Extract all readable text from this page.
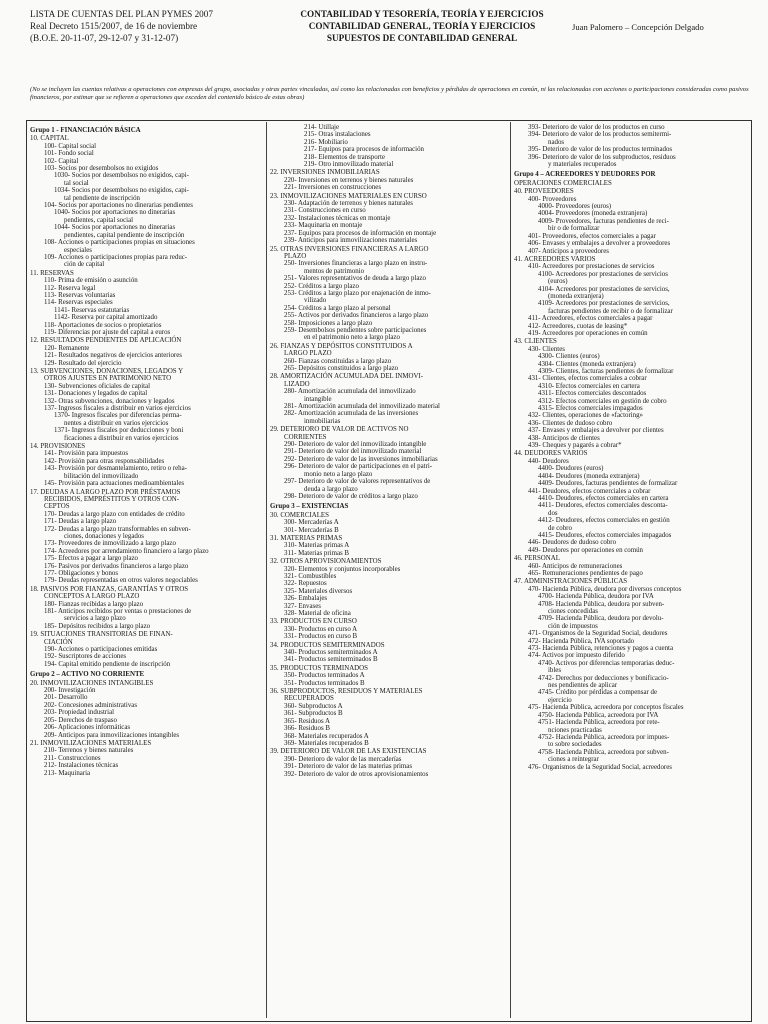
LISTA DE CUENTAS DEL PLAN PYMES 2007
Real Decreto 1515/2007, de 16 de noviembre
(B.O.E. 20-11-07, 29-12-07 y 31-12-07)
CONTABILIDAD Y TESORERÍA, TEORÍA Y EJERCICIOS
CONTABILIDAD GENERAL, TEORÍA Y EJERCICIOS
SUPUESTOS DE CONTABILIDAD GENERAL
Juan Palomero – Concepción Delgado
(No se incluyen las cuentas relativas a operaciones con empresas del grupo, asociadas y otras partes vinculadas, así como las relacionadas con beneficios y pérdidas de operaciones en común, ni las relacionadas con acciones o participaciones consideradas como pasivos financieros, por estimar que se refieren a operaciones que exceden del contenido básico de estas obras)
Grupo 1 - FINANCIACIÓN BÁSICA
10. CAPITAL
100- Capital social
101- Fondo social
102- Capital
103- Socios por desembolsos no exigidos
1030- Socios por desembolsos no exigidos, capi-
tal social
1034- Socios por desembolsos no exigidos, capi-
tal pendiente de inscripción
104- Socios por aportaciones no dinerarias pendientes
1040- Socios por aportaciones no dinerarias
pendientes, capital social
1044- Socios por aportaciones no dinerarias
pendientes, capital pendiente de inscripción
108- Acciones o participaciones propias en situaciones
especiales
109- Acciones o participaciones propias para reduc-
ción de capital
11. RESERVAS
110- Prima de emisión o asunción
112- Reserva legal
113- Reservas voluntarias
114- Reservas especiales
1141- Reservas estatutarias
1142- Reserva por capital amortizado
118- Aportaciones de socios o propietarios
119- Diferencias por ajuste del capital a euros
12. RESULTADOS PENDIENTES DE APLICACIÓN
120- Remanente
121- Resultados negativos de ejercicios anteriores
129- Resultado del ejercicio
13. SUBVENCIONES, DONACIONES, LEGADOS Y
OTROS AJUSTES EN PATRIMONIO NETO
130- Subvenciones oficiales de capital
131- Donaciones y legados de capital
132- Otras subvenciones, donaciones y legados
137- Ingresos fiscales a distribuir en varios ejercicios
1370- Ingresos fiscales por diferencias perma-
nentes a distribuir en varios ejercicios
1371- Ingresos fiscales por deducciones y boni
ficaciones a distribuir en varios ejercicios
14. PROVISIONES
141- Provisión para impuestos
142- Provisión para otras responsabilidades
143- Provisión por desmantelamiento, retiro o reha-
bilitación del inmovilizado
145- Provisión para actuaciones medioambientales
17. DEUDAS A LARGO PLAZO POR PRÉSTAMOS
RECIBIDOS, EMPRÉSTITOS Y OTROS CON-
CEPTOS
170- Deudas a largo plazo con entidades de crédito
171- Deudas a largo plazo
172- Deudas a largo plazo transformables en subven-
ciones, donaciones y legados
173- Proveedores de inmovilizado a largo plazo
174- Acreedores por arrendamiento financiero a largo plazo
175- Efectos a pagar a largo plazo
176- Pasivos por derivados financieros a largo plazo
177- Obligaciones y bonos
179- Deudas representadas en otros valores negociables
18. PASIVOS POR FIANZAS, GARANTÍAS Y OTROS
CONCEPTOS A LARGO PLAZO
180- Fianzas recibidas a largo plazo
181- Anticipos recibidos por ventas o prestaciones de
servicios a largo plazo
185- Depósitos recibidos a largo plazo
19. SITUACIONES TRANSITORIAS DE FINAN-
CIACIÓN
190- Acciones o participaciones emitidas
192- Suscriptores de acciones
194- Capital emitido pendiente de inscripción
Grupo 2 – ACTIVO NO CORRIENTE
20. INMOVILIZACIONES INTANGIBLES
200- Investigación
201- Desarrollo
202- Concesiones administrativas
203- Propiedad industrial
205- Derechos de traspaso
206- Aplicaciones informáticas
209- Anticipos para inmovilizaciones intangibles
21. INMOVILIZACIONES MATERIALES
210- Terrenos y bienes naturales
211- Construcciones
212- Instalaciones técnicas
213- Maquinaria
214- Utillaje
215- Otras instalaciones
216- Mobiliario
217- Equipos para procesos de información
218- Elementos de transporte
219- Otro inmovilizado material
22. INVERSIONES INMOBILIARIAS
220- Inversiones en terrenos y bienes naturales
221- Inversiones en construcciones
23. INMOVILIZACIONES MATERIALES EN CURSO
230- Adaptación de terrenos y bienes naturales
231- Construcciones en curso
232- Instalaciones técnicas en montaje
233- Maquinaria en montaje
237- Equipos para procesos de información en montaje
239- Anticipos para inmovilizaciones materiales
25. OTRAS INVERSIONES FINANCIERAS A LARGO
PLAZO
250- Inversiones financieras a largo plazo en instru-
mentos de patrimonio
251- Valores representativos de deuda a largo plazo
252- Créditos a largo plazo
253- Créditos a largo plazo por enajenación de inmo-
vilizado
254- Créditos a largo plazo al personal
255- Activos por derivados financieros a largo plazo
258- Imposiciones a largo plazo
259- Desembolsos pendientes sobre participaciones
en el patrimonio neto a largo plazo
26. FIANZAS Y DEPÓSITOS CONSTITUIDOS A
LARGO PLAZO
260- Fianzas constituidas a largo plazo
265- Depósitos constituidos a largo plazo
28. AMORTIZACIÓN ACUMULADA DEL INMOVI-
LIZADO
280- Amortización acumulada del inmovilizado
intangible
281- Amortización acumulada del inmovilizado material
282- Amortización acumulada de las inversiones
inmobiliarias
29. DETERIORO DE VALOR DE ACTIVOS NO
CORRIENTES
290- Deterioro de valor del inmovilizado intangible
291- Deterioro de valor del inmovilizado material
292- Deterioro de valor de las inversiones inmobiliarias
296- Deterioro de valor de participaciones en el patri-
monio neto a largo plazo
297- Deterioro de valor de valores representativos de
deuda a largo plazo
298- Deterioro de valor de créditos a largo plazo
Grupo 3 – EXISTENCIAS
30. COMERCIALES
300- Mercaderías A
301- Mercaderías B
31. MATERIAS PRIMAS
310- Materias primas A
311- Materias primas B
32. OTROS APROVISIONAMIENTOS
320- Elementos y conjuntos incorporables
321- Combustibles
322- Repuestos
325- Materiales diversos
326- Embalajes
327- Envases
328- Material de oficina
33. PRODUCTOS EN CURSO
330- Productos en curso A
331- Productos en curso B
34. PRODUCTOS SEMITERMINADOS
340- Productos semiterminados A
341- Productos semiterminados B
35. PRODUCTOS TERMINADOS
350- Productos terminados A
351- Productos terminados B
36. SUBPRODUCTOS, RESIDUOS Y MATERIALES
RECUPERADOS
360- Subproductos A
361- Subproductos B
365- Residuos A
366- Residuos B
368- Materiales recuperados A
369- Materiales recuperados B
39. DETERIORO DE VALOR DE LAS EXISTENCIAS
390- Deterioro de valor de las mercaderías
391- Deterioro de valor de las materias primas
392- Deterioro de valor de otros aprovisionamientos
393- Deterioro de valor de los productos en curso
394- Deterioro de valor de los productos semitermi-
nados
395- Deterioro de valor de los productos terminados
396- Deterioro de valor de los subproductos, residuos
y materiales recuperados
Grupo 4 – ACREEDORES Y DEUDORES POR
OPERACIONES COMERCIALES
40. PROVEEDORES
400- Proveedores
4000- Proveedores (euros)
4004- Proveedores (moneda extranjera)
4009- Proveedores, facturas pendientes de reci-
bir o de formalizar
401- Proveedores, efectos comerciales a pagar
406- Envases y embalajes a devolver a proveedores
407- Anticipos a proveedores
41. ACREEDORES VARIOS
410- Acreedores por prestaciones de servicios
4100- Acreedores por prestaciones de servicios
(euros)
4104- Acreedores por prestaciones de servicios,
(moneda extranjera)
4109- Acreedores por prestaciones de servicios,
facturas pendientes de recibir o de formalizar
411- Acreedores, efectos comerciales a pagar
412- Acreedores, cuotas de leasing*
419- Acreedores por operaciones en común
43. CLIENTES
430- Clientes
4300- Clientes (euros)
4304- Clientes (moneda extranjera)
4309- Clientes, facturas pendientes de formalizar
431- Clientes, efectos comerciales a cobrar
4310- Efectos comerciales en cartera
4311- Efectos comerciales descontados
4312- Efectos comerciales en gestión de cobro
4315- Efectos comerciales impagados
432- Clientes, operaciones de «factoring»
436- Clientes de dudoso cobro
437- Envases y embalajes a devolver por clientes
438- Anticipos de clientes
439- Cheques y pagarés a cobrar*
44. DEUDORES VARIOS
440- Deudores
4400- Deudores (euros)
4404- Deudores (moneda extranjera)
4409- Deudores, facturas pendientes de formalizar
441- Deudores, efectos comerciales a cobrar
4410- Deudores, efectos comerciales en cartera
4411- Deudores, efectos comerciales desconta-
dos
4412- Deudores, efectos comerciales en gestión
de cobro
4415- Deudores, efectos comerciales impagados
446- Deudores de dudoso cobro
449- Deudores por operaciones en común
46. PERSONAL
460- Anticipos de remuneraciones
465- Remuneraciones pendientes de pago
47. ADMINISTRACIONES PÚBLICAS
470- Hacienda Pública, deudora por diversos conceptos
4700- Hacienda Pública, deudora por IVA
4708- Hacienda Pública, deudora por subven-
ciones concedidas
4709- Hacienda Pública, deudora por devolu-
ción de impuestos
471- Organismos de la Seguridad Social, deudores
472- Hacienda Pública, IVA soportado
473- Hacienda Pública, retenciones y pagos a cuenta
474- Activos por impuesto diferido
4740- Activos por diferencias temporarias deduc-
ibles
4742- Derechos por deducciones y bonificacio-
nes pendientes de aplicar
4745- Crédito por pérdidas a compensar de
ejercicio
475- Hacienda Pública, acreedora por conceptos fiscales
4750- Hacienda Pública, acreedora por IVA
4751- Hacienda Pública, acreedora por rete-
nciones practicadas
4752- Hacienda Pública, acreedora por impues-
to sobre sociedades
4758- Hacienda Pública, acreedora por subven-
ciones a reintegrar
476- Organismos de la Seguridad Social, acreedores
